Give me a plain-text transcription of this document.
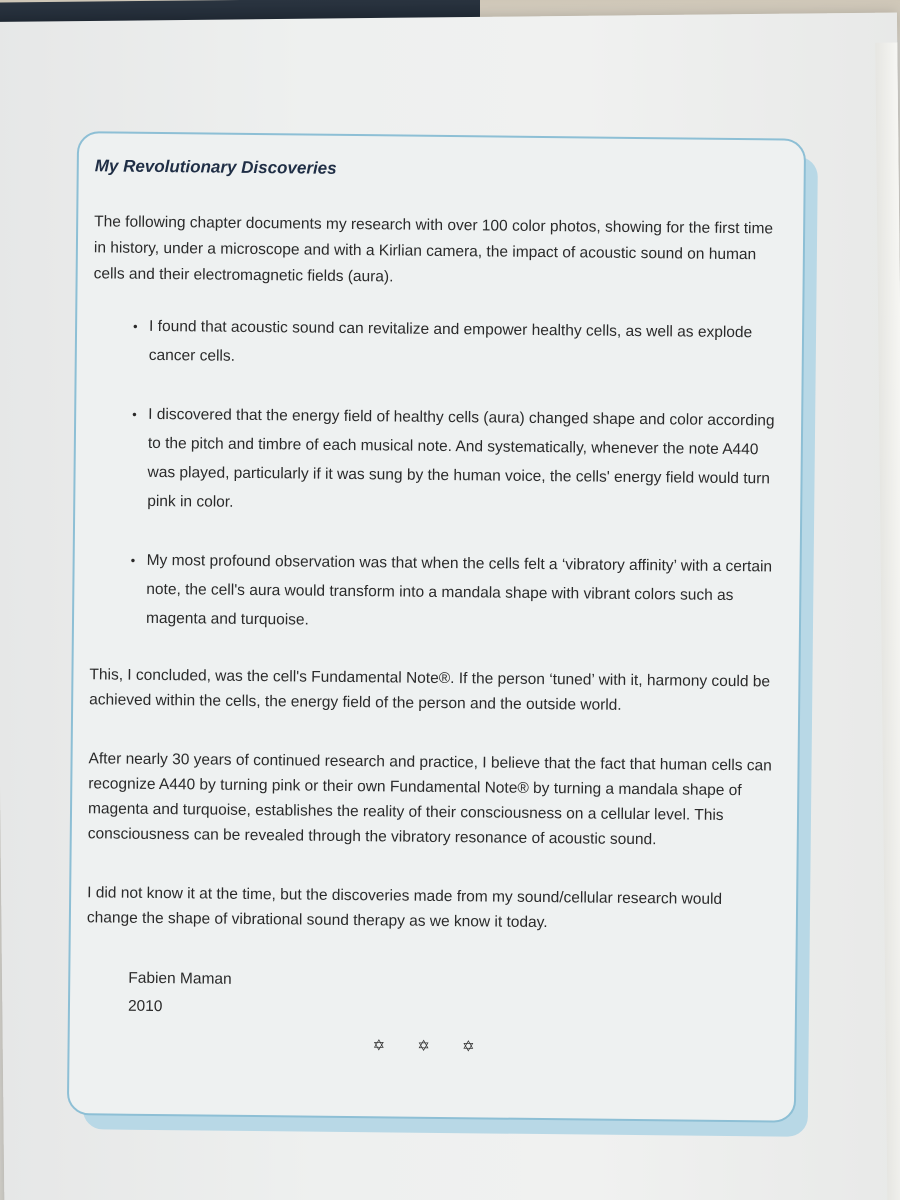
My Revolutionary Discoveries

The following chapter documents my research with over 100 color photos, showing for the first time in history, under a microscope and with a Kirlian camera, the impact of acoustic sound on human cells and their electromagnetic fields (aura).

• I found that acoustic sound can revitalize and empower healthy cells, as well as explode cancer cells.
• I discovered that the energy field of healthy cells (aura) changed shape and color according to the pitch and timbre of each musical note. And systematically, whenever the note A440 was played, particularly if it was sung by the human voice, the cells' energy field would turn pink in color.
• My most profound observation was that when the cells felt a ‘vibratory affinity’ with a certain note, the cell's aura would transform into a mandala shape with vibrant colors such as magenta and turquoise.

This, I concluded, was the cell's Fundamental Note®. If the person ‘tuned’ with it, harmony could be achieved within the cells, the energy field of the person and the outside world.

After nearly 30 years of continued research and practice, I believe that the fact that human cells can recognize A440 by turning pink or their own Fundamental Note® by turning a mandala shape of magenta and turquoise, establishes the reality of their consciousness on a cellular level. This consciousness can be revealed through the vibratory resonance of acoustic sound.

I did not know it at the time, but the discoveries made from my sound/cellular research would change the shape of vibrational sound therapy as we know it today.

Fabien Maman
2010
✡ ✡ ✡
